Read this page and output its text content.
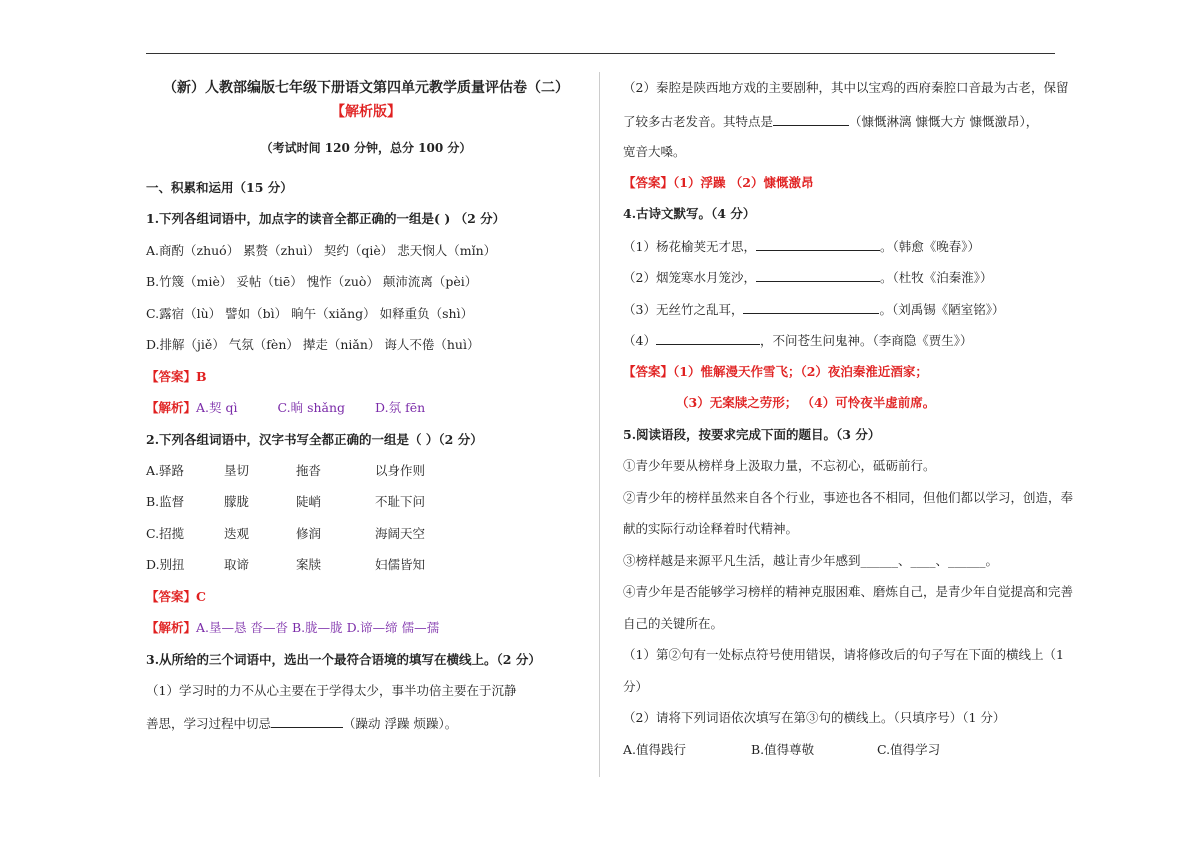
（新）人教部编版七年级下册语文第四单元教学质量评估卷（二）
【解析版】
（考试时间 120 分钟，总分 100 分）
一、积累和运用（15 分）
1.下列各组词语中，加点字的读音全都正确的一组是( ) （2 分）
A.商酌（zhuó） 累赘（zhuì） 契约（qiè） 悲天悯人（mǐn）
B.竹篾（miè） 妥帖（tiē） 愧怍（zuò） 颠沛流离（pèi）
C.露宿（lù） 譬如（bì） 晌午（xiǎng） 如释重负（shì）
D.排解（jiě） 气氛（fèn） 撵走（niǎn） 诲人不倦（huì）
【答案】B
【解析】A.契 qì	C.晌 shǎng D.氛 fēn
2.下列各组词语中，汉字书写全都正确的一组是（ ）（2 分）
A.驿路	垦切	拖沓	以身作则
B.监督	朦胧	陡峭	不耻下问
C.招揽	迭观	修润	海阔天空
D.别扭	取谛	案牍	妇儒皆知
【答案】C
【解析】A.垦—恳 沓—沓 B.胧—胧 D.谛—缔 儒—孺
3.从所给的三个词语中，选出一个最符合语境的填写在横线上。（2 分）
（1）学习时的力不从心主要在于学得太少，事半功倍主要在于沉静
善思，学习过程中切忌	（躁动 浮躁 烦躁）。
（2）秦腔是陕西地方戏的主要剧种，其中以宝鸡的西府秦腔口音最为古老，保留
了较多古老发音。其特点是	（慷慨淋漓 慷慨大方 慷慨激昂），
宽音大嗓。
【答案】（1）浮躁 （2）慷慨激昂
4.古诗文默写。（4 分）
（1）杨花榆荚无才思，	。（韩愈《晚春》）
（2）烟笼寒水月笼沙，	。（杜牧《泊秦淮》）
（3）无丝竹之乱耳，	。（刘禹锡《陋室铭》）
（4）	，不问苍生问鬼神。（李商隐《贾生》）
【答案】（1）惟解漫天作雪飞；（2）夜泊秦淮近酒家；
（3）无案牍之劳形； （4）可怜夜半虚前席。
5.阅读语段，按要求完成下面的题目。（3 分）
①青少年要从榜样身上汲取力量，不忘初心，砥砺前行。
②青少年的榜样虽然来自各个行业，事迹也各不相同，但他们都以学习，创造，奉
献的实际行动诠释着时代精神。
③榜样越是来源平凡生活，越让青少年感到______、____、______。
④青少年是否能够学习榜样的精神克服困难、磨炼自己，是青少年自觉提高和完善
自己的关键所在。
（1）第②句有一处标点符号使用错误，请将修改后的句子写在下面的横线上（1
分）
（2）请将下列词语依次填写在第③句的横线上。（只填序号）（1 分）
A.值得践行	B.值得尊敬	C.值得学习
